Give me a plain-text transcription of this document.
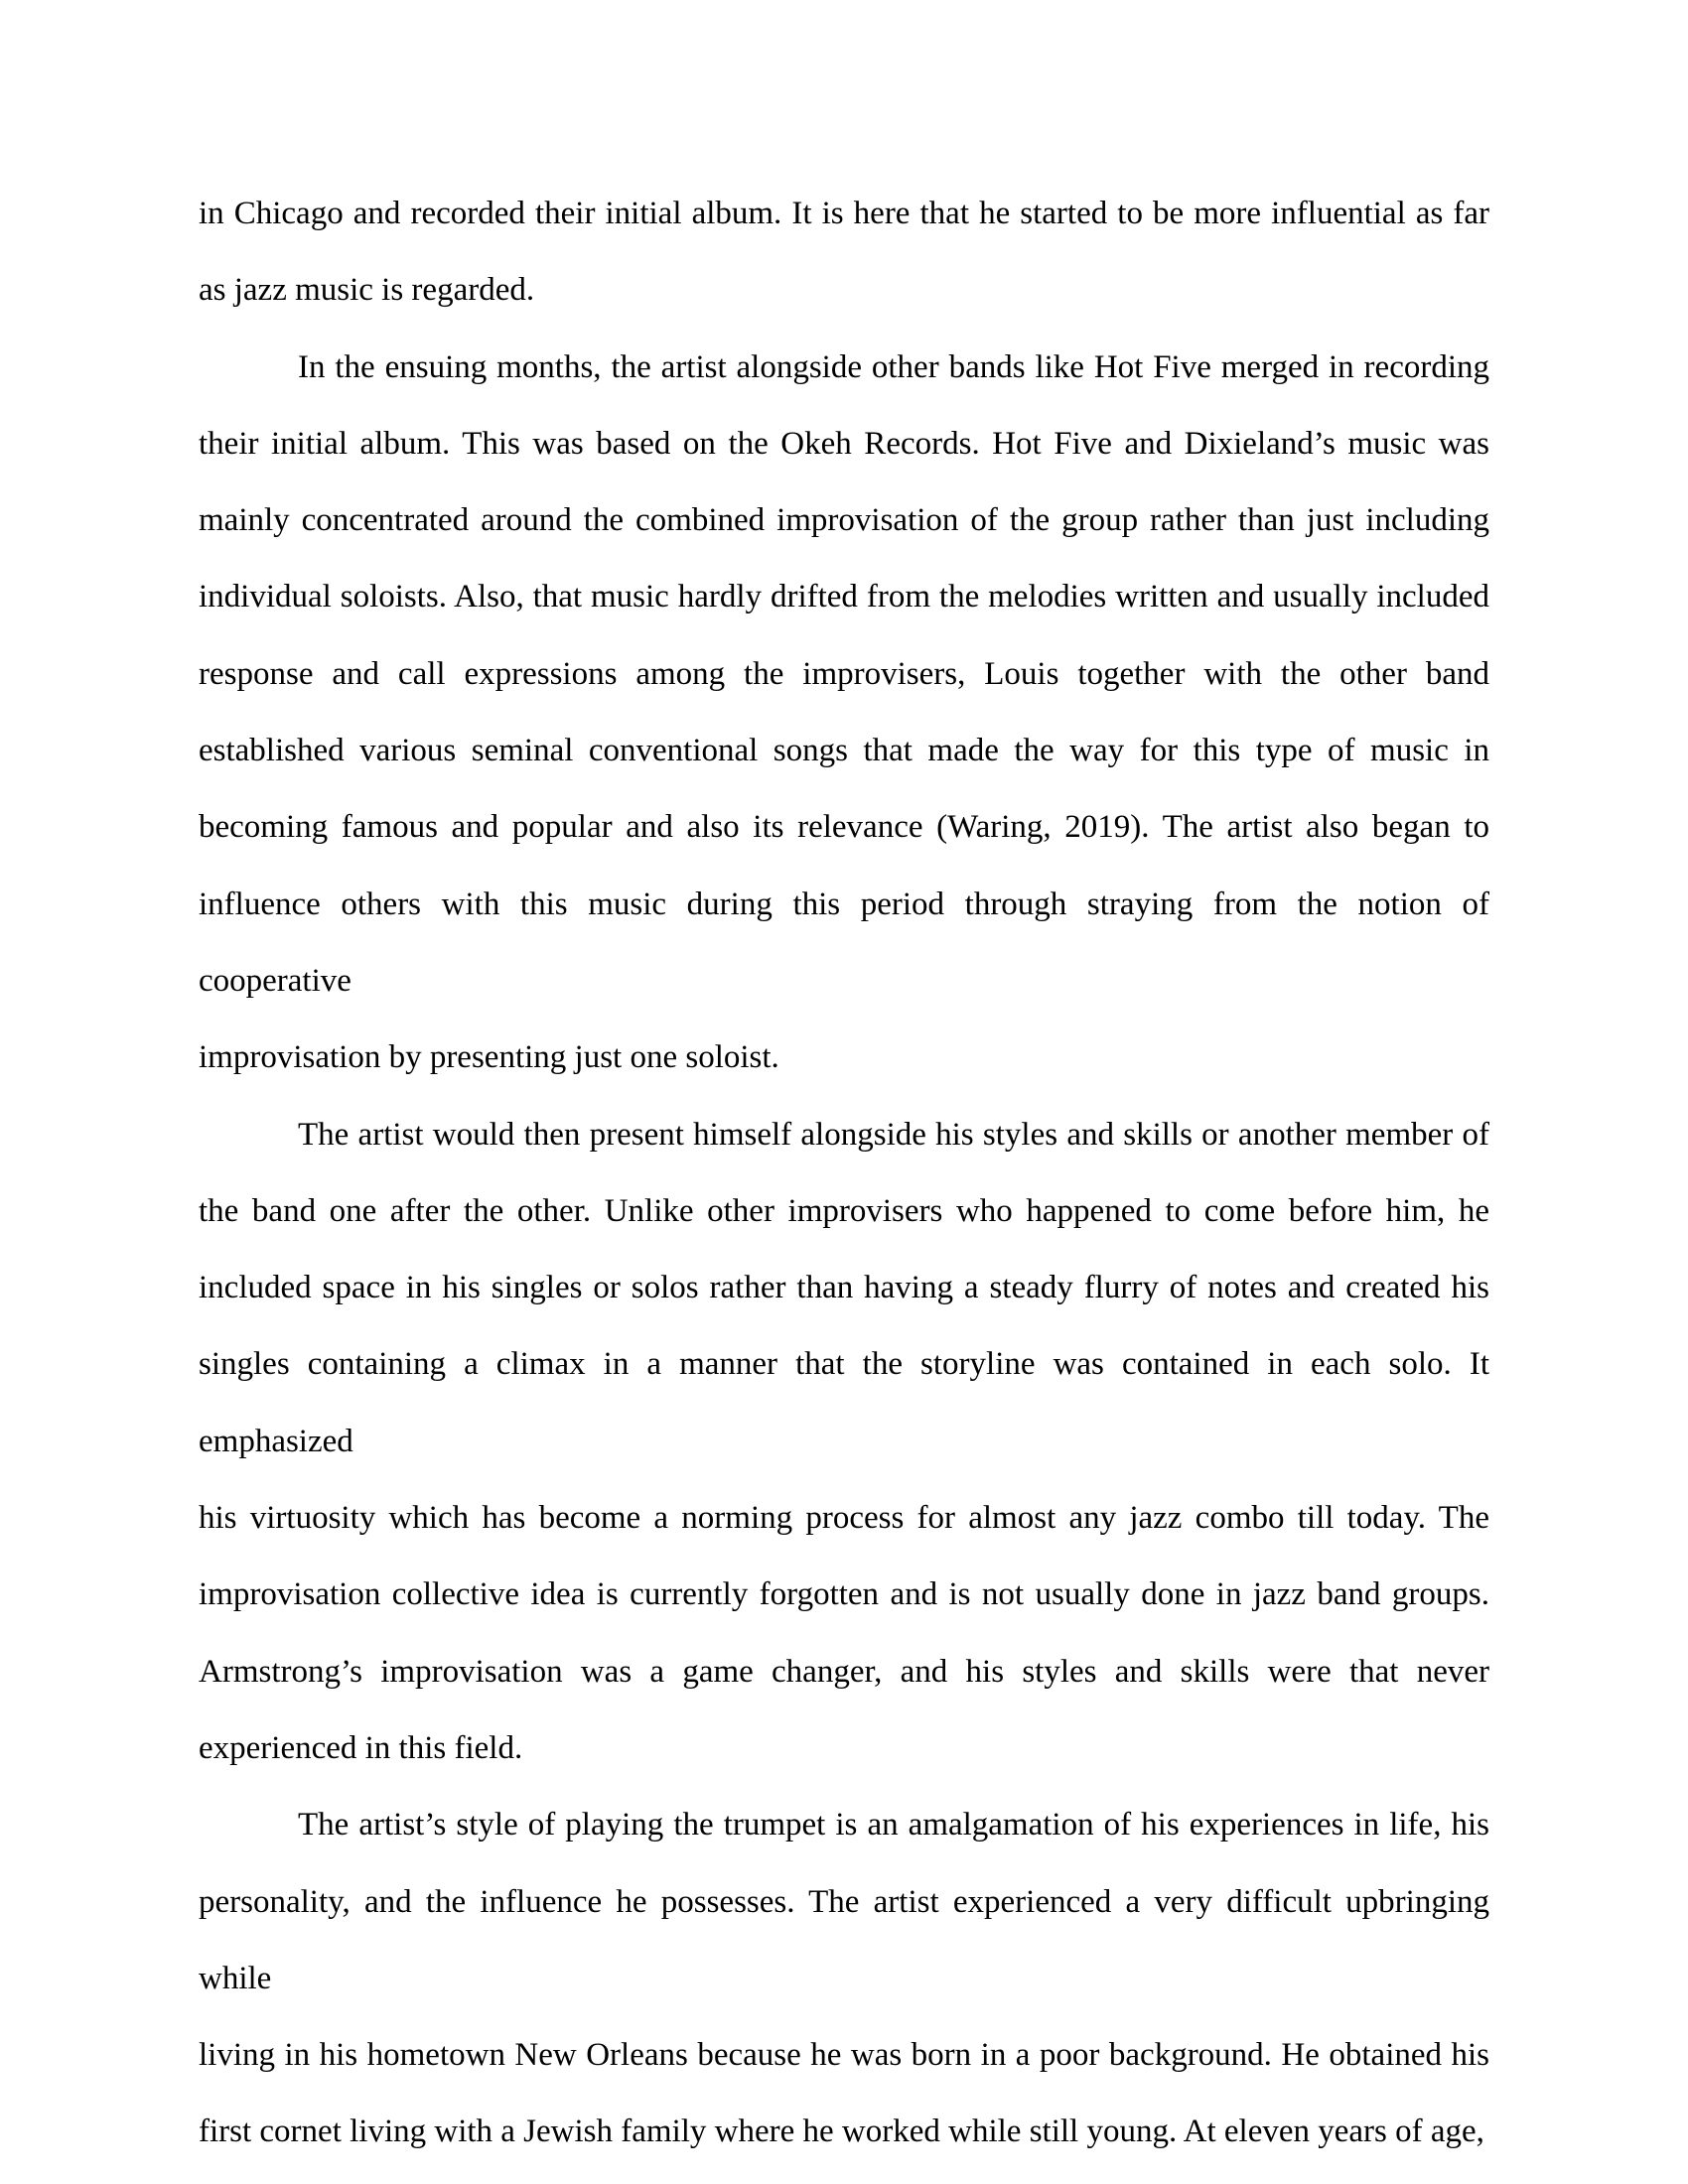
in Chicago and recorded their initial album. It is here that he started to be more influential as far
as jazz music is regarded.
In the ensuing months, the artist alongside other bands like Hot Five merged in recording
their initial album. This was based on the Okeh Records. Hot Five and Dixieland’s music was
mainly concentrated around the combined improvisation of the group rather than just including
individual soloists. Also, that music hardly drifted from the melodies written and usually included
response and call expressions among the improvisers, Louis together with the other band
established various seminal conventional songs that made the way for this type of music in
becoming famous and popular and also its relevance (Waring, 2019). The artist also began to
influence others with this music during this period through straying from the notion of cooperative
improvisation by presenting just one soloist.
The artist would then present himself alongside his styles and skills or another member of
the band one after the other. Unlike other improvisers who happened to come before him, he
included space in his singles or solos rather than having a steady flurry of notes and created his
singles containing a climax in a manner that the storyline was contained in each solo. It emphasized
his virtuosity which has become a norming process for almost any jazz combo till today. The
improvisation collective idea is currently forgotten and is not usually done in jazz band groups.
Armstrong’s improvisation was a game changer, and his styles and skills were that never
experienced in this field.
The artist’s style of playing the trumpet is an amalgamation of his experiences in life, his
personality, and the influence he possesses. The artist experienced a very difficult upbringing while
living in his hometown New Orleans because he was born in a poor background. He obtained his
first cornet living with a Jewish family where he worked while still young. At eleven years of age,
